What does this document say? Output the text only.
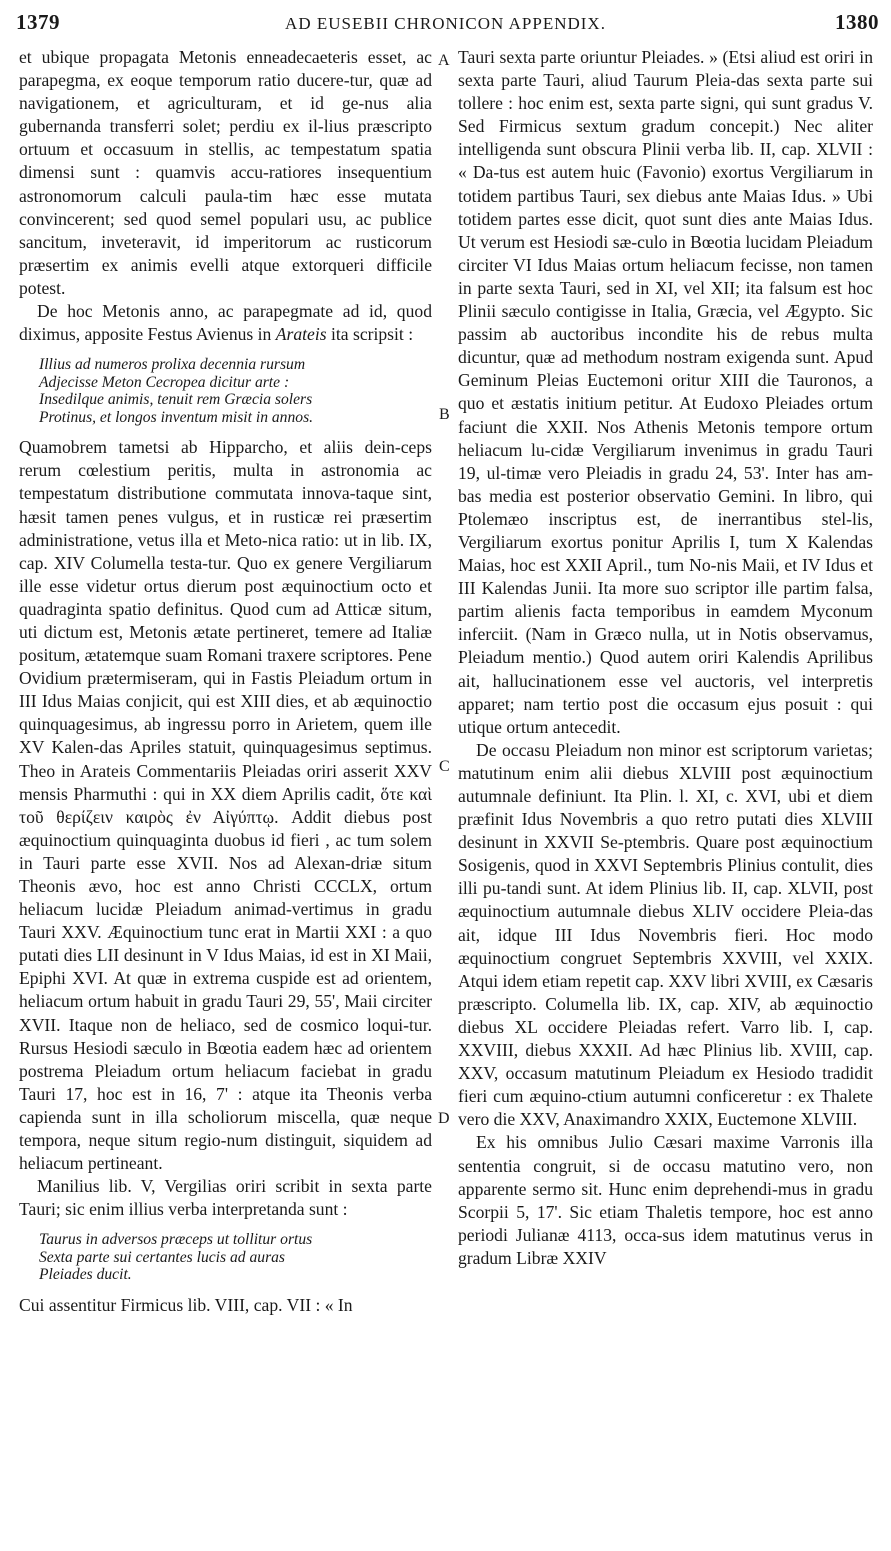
1379	AD EUSEBII CHRONICON APPENDIX.	1380
A
B
C
D

et ubique propagata Metonis enneadecaeteris esset, ac parapegma, ex eoque temporum ratio ducere-tur, quæ ad navigationem, et agriculturam, et id ge-nus alia gubernanda transferri solet; perdiu ex il-lius præscripto ortuum et occasuum in stellis, ac tempestatum spatia dimensi sunt : quamvis accu-ratiores insequentium astronomorum calculi paula-tim hæc esse mutata convincerent; sed quod semel populari usu, ac publice sancitum, inveteravit, id imperitorum ac rusticorum præsertim ex animis evelli atque extorqueri difficile potest.

De hoc Metonis anno, ac parapegmate ad id, quod diximus, apposite Festus Avienus in Arateis ita scripsit :

Illius ad numeros prolixa decennia rursum
Adjecisse Meton Cecropea dicitur arte :
Insedilque animis, tenuit rem Græcia solers
Protinus, et longos inventum misit in annos.

Quamobrem tametsi ab Hipparcho, et aliis dein-ceps rerum cœlestium peritis, multa in astronomia ac tempestatum distributione commutata innova-taque sint, hæsit tamen penes vulgus, et in rusticæ rei præsertim administratione, vetus illa et Meto-nica ratio: ut in lib. IX, cap. XIV Columella testa-tur. Quo ex genere Vergiliarum ille esse videtur ortus dierum post æquinoctium octo et quadraginta spatio definitus. Quod cum ad Atticæ situm, uti dictum est, Metonis ætate pertineret, temere ad Italiæ positum, ætatemque suam Romani traxere scriptores. Pene Ovidium prætermiseram, qui in Fastis Pleiadum ortum in III Idus Maias conjicit, qui est XIII dies, et ab æquinoctio quinquagesimus, ab ingressu porro in Arietem, quem ille XV Kalen-das Apriles statuit, quinquagesimus septimus. Theo in Arateis Commentariis Pleiadas oriri asserit XXV mensis Pharmuthi : qui in XX diem Aprilis cadit, ὅτε καὶ τοῦ θερίζειν καιρὸς ἐν Αἰγύπτῳ. Addit diebus post æquinoctium quinquaginta duobus id fieri , ac tum solem in Tauri parte esse XVII. Nos ad Alexan-driæ situm Theonis ævo, hoc est anno Christi CCCLX, ortum heliacum lucidæ Pleiadum animad-vertimus in gradu Tauri XXV. Æquinoctium tunc erat in Martii XXI : a quo putati dies LII desinunt in V Idus Maias, id est in XI Maii, Epiphi XVI. At quæ in extrema cuspide est ad orientem, heliacum ortum habuit in gradu Tauri 29, 55', Maii circiter XVII. Itaque non de heliaco, sed de cosmico loqui-tur. Rursus Hesiodi sæculo in Bœotia eadem hæc ad orientem postrema Pleiadum ortum heliacum faciebat in gradu Tauri 17, hoc est in 16, 7' : atque ita Theonis verba capienda sunt in illa scholiorum miscella, quæ neque tempora, neque situm regio-num distinguit, siquidem ad heliacum pertineant.

Manilius lib. V, Vergilias oriri scribit in sexta parte Tauri; sic enim illius verba interpretanda sunt :

Taurus in adversos præceps ut tollitur ortus
Sexta parte sui certantes lucis ad auras
Pleiades ducit.

Cui assentitur Firmicus lib. VIII, cap. VII : « In

Tauri sexta parte oriuntur Pleiades. » (Etsi aliud est oriri in sexta parte Tauri, aliud Taurum Pleia-das sexta parte sui tollere : hoc enim est, sexta parte signi, qui sunt gradus V. Sed Firmicus sextum gradum concepit.) Nec aliter intelligenda sunt obscura Plinii verba lib. II, cap. XLVII : « Da-tus est autem huic (Favonio) exortus Vergiliarum in totidem partibus Tauri, sex diebus ante Maias Idus. » Ubi totidem partes esse dicit, quot sunt dies ante Maias Idus. Ut verum est Hesiodi sæ-culo in Bœotia lucidam Pleiadum circiter VI Idus Maias ortum heliacum fecisse, non tamen in parte sexta Tauri, sed in XI, vel XII; ita falsum est hoc Plinii sæculo contigisse in Italia, Græcia, vel Ægypto. Sic passim ab auctoribus incondite his de rebus multa dicuntur, quæ ad methodum nostram exigenda sunt. Apud Geminum Pleias Euctemoni oritur XIII die Tauronos, a quo et æstatis initium petitur. At Eudoxo Pleiades ortum faciunt die XXII. Nos Athenis Metonis tempore ortum heliacum lu-cidæ Vergiliarum invenimus in gradu Tauri 19, ul-timæ vero Pleiadis in gradu 24, 53'. Inter has am-bas media est posterior observatio Gemini. In libro, qui Ptolemæo inscriptus est, de inerrantibus stel-lis, Vergiliarum exortus ponitur Aprilis I, tum X Kalendas Maias, hoc est XXII April., tum No-nis Maii, et IV Idus et III Kalendas Junii. Ita more suo scriptor ille partim falsa, partim alienis facta temporibus in eamdem Myconum inferciit. (Nam in Græco nulla, ut in Notis observamus, Pleiadum mentio.) Quod autem oriri Kalendis Aprilibus ait, hallucinationem esse vel auctoris, vel interpretis apparet; nam tertio post die occasum ejus posuit : qui utique ortum antecedit.

De occasu Pleiadum non minor est scriptorum varietas; matutinum enim alii diebus XLVIII post æquinoctium autumnale definiunt. Ita Plin. l. XI, c. XVI, ubi et diem præfinit Idus Novembris a quo retro putati dies XLVIII desinunt in XXVII Se-ptembris. Quare post æquinoctium Sosigenis, quod in XXVI Septembris Plinius contulit, dies illi pu-tandi sunt. At idem Plinius lib. II, cap. XLVII, post æquinoctium autumnale diebus XLIV occidere Pleia-das ait, idque III Idus Novembris fieri. Hoc modo æquinoctium congruet Septembris XXVIII, vel XXIX. Atqui idem etiam repetit cap. XXV libri XVIII, ex Cæsaris præscripto. Columella lib. IX, cap. XIV, ab æquinoctio diebus XL occidere Pleiadas refert. Varro lib. I, cap. XXVIII, diebus XXXII. Ad hæc Plinius lib. XVIII, cap. XXV, occasum matutinum Pleiadum ex Hesiodo tradidit fieri cum æquino-ctium autumni conficeretur : ex Thalete vero die XXV, Anaximandro XXIX, Euctemone XLVIII.

Ex his omnibus Julio Cæsari maxime Varronis illa sententia congruit, si de occasu matutino vero, non apparente sermo sit. Hunc enim deprehendi-mus in gradu Scorpii 5, 17'. Sic etiam Thaletis tempore, hoc est anno periodi Julianæ 4113, occa-sus idem matutinus verus in gradum Libræ XXIV
